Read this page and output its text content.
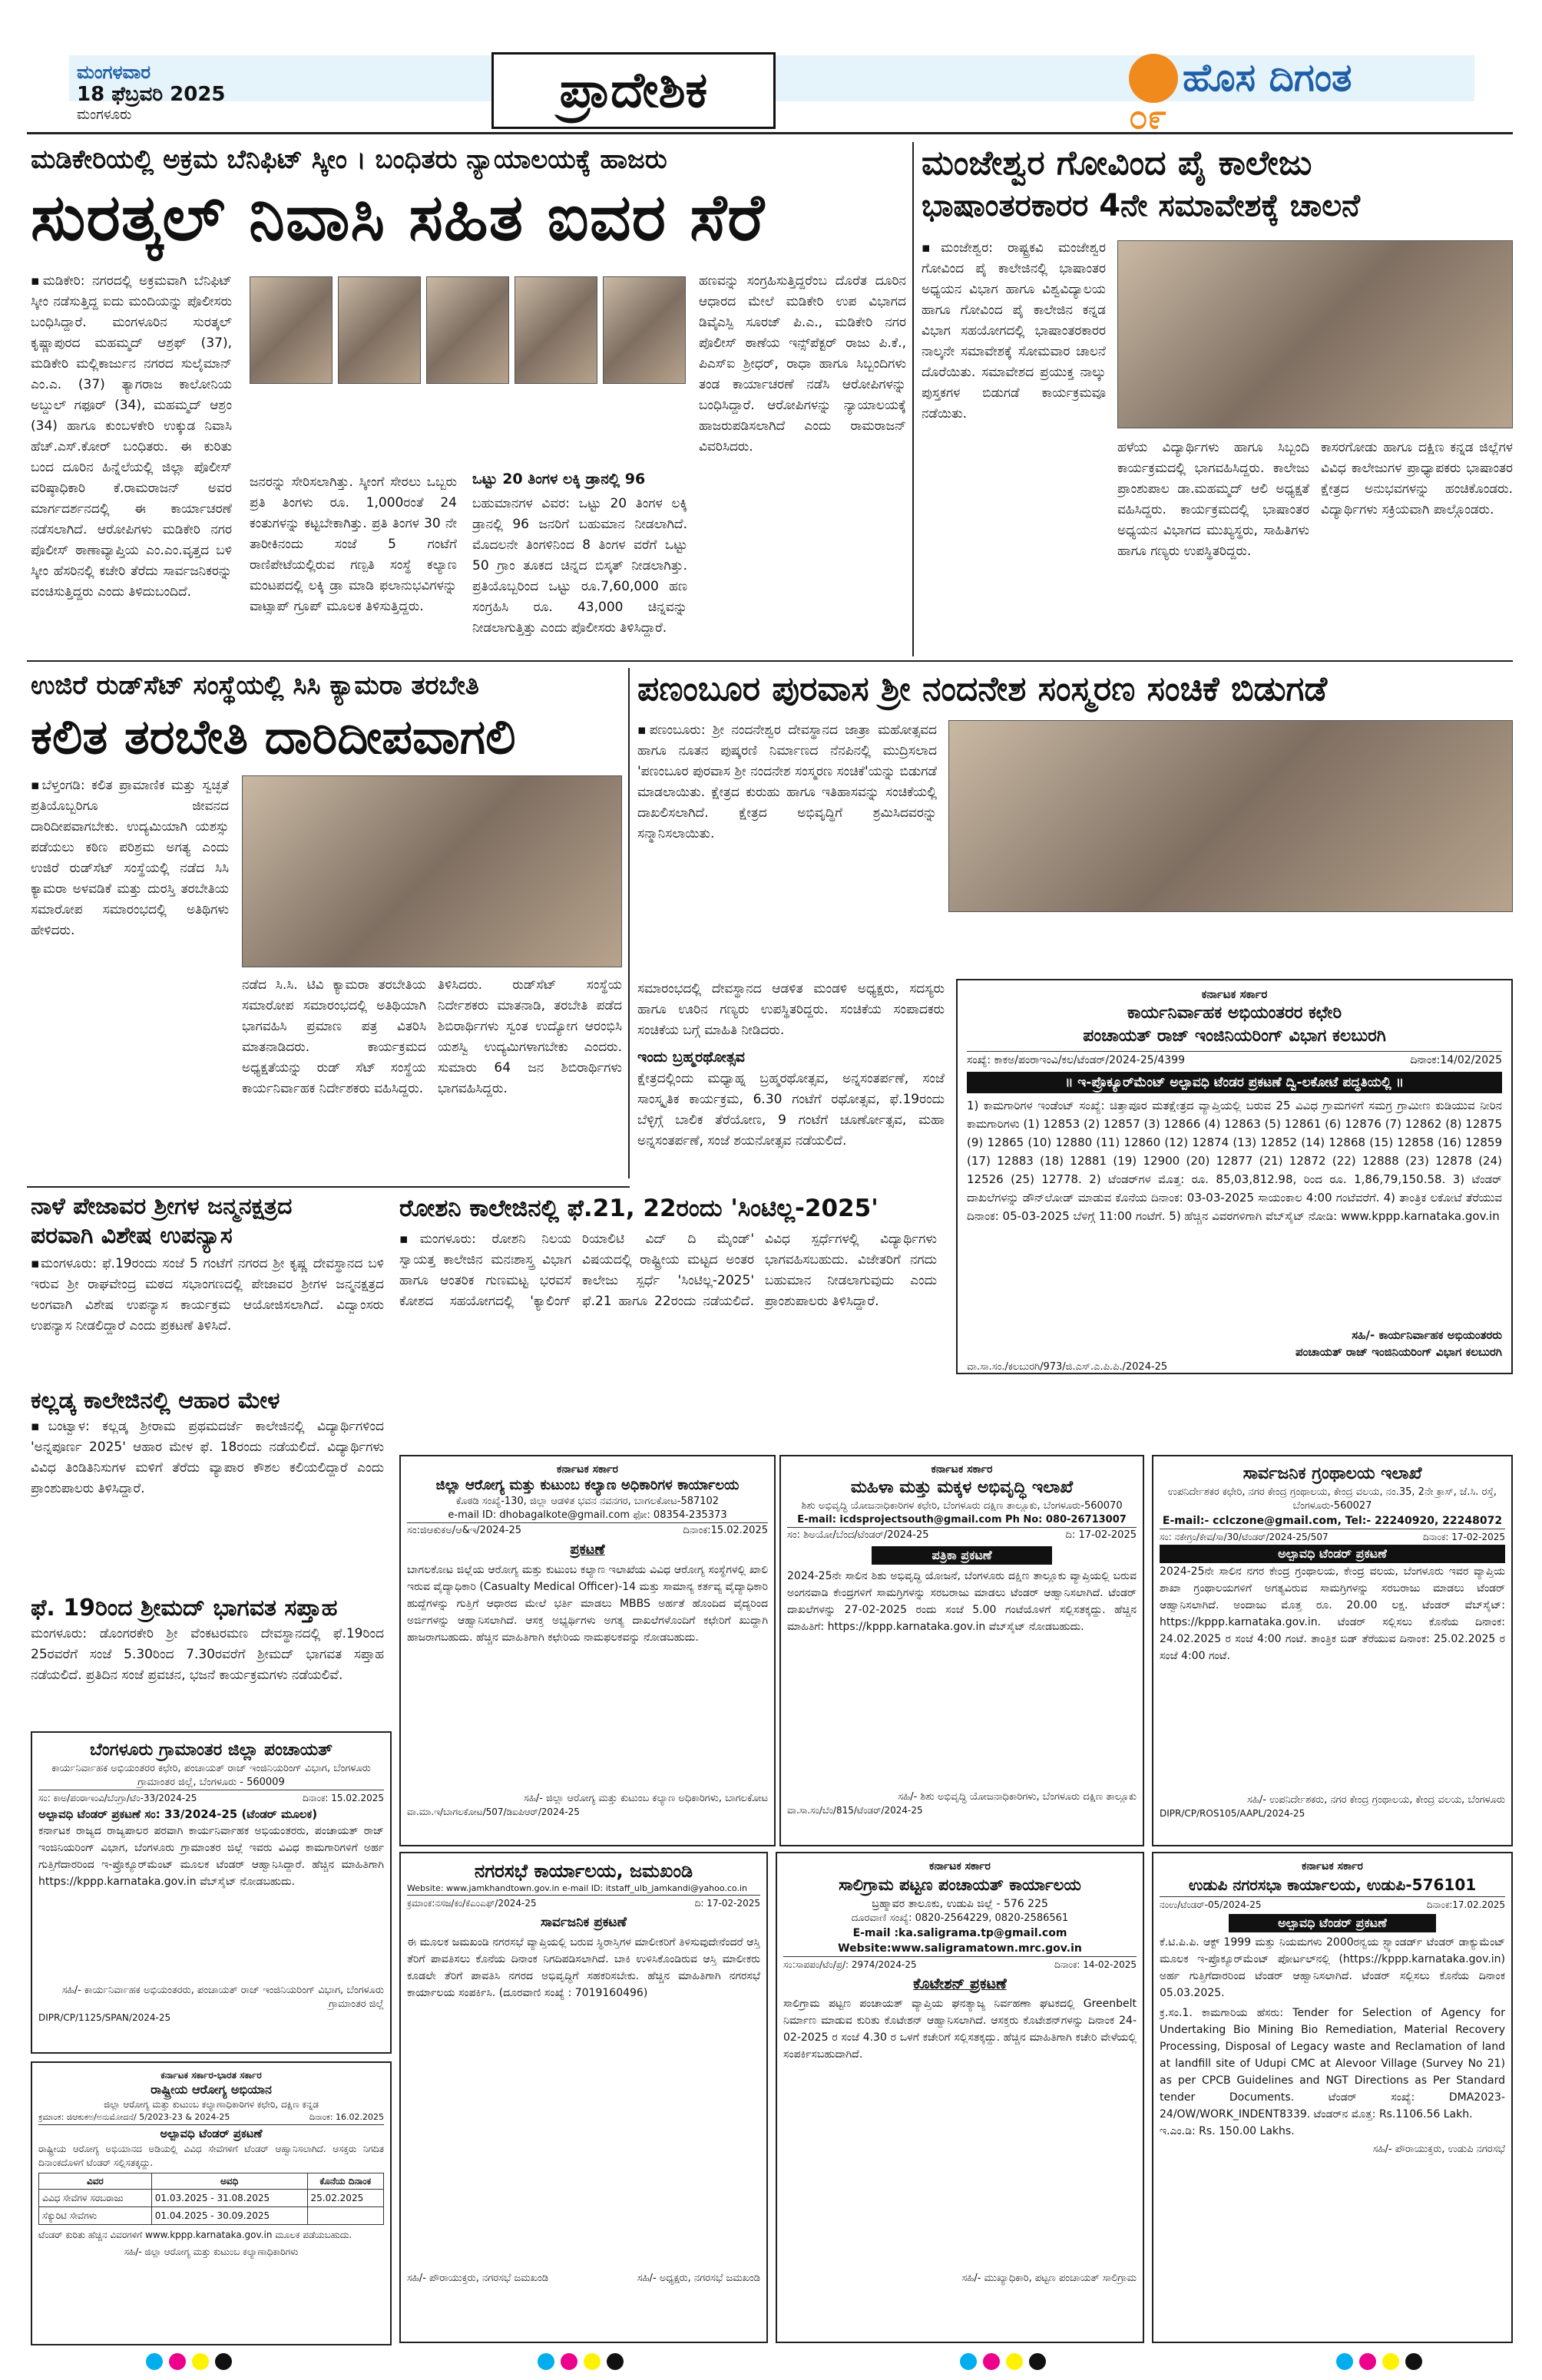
ಮಂಗಳವಾರ
18 ಫೆಬ್ರವರಿ 2025
ಮಂಗಳೂರು	ಪ್ರಾದೇಶಿಕ	ಹೊಸ ದಿಗಂತ
೦೯
ಮಡಿಕೇರಿಯಲ್ಲಿ ಅಕ್ರಮ ಬೆನಿಫಿಟ್ ಸ್ಕೀಂ । ಬಂಧಿತರು ನ್ಯಾಯಾಲಯಕ್ಕೆ ಹಾಜರು
ಸುರತ್ಕಲ್ ನಿವಾಸಿ ಸಹಿತ ಐವರ ಸೆರೆ
▪ಮಡಿಕೇರಿ: ನಗರದಲ್ಲಿ ಅಕ್ರಮವಾಗಿ ಬೆನಿಫಿಟ್ ಸ್ಕೀಂ ನಡೆಸುತ್ತಿದ್ದ ಐದು ಮಂದಿಯನ್ನು ಪೊಲೀಸರು ಬಂಧಿಸಿದ್ದಾರೆ. ಮಂಗಳೂರಿನ ಸುರತ್ಕಲ್ ಕೃಷ್ಣಾಪುರದ ಮಹಮ್ಮದ್ ಆಶ್ರಫ್ (37), ಮಡಿಕೇರಿ ಮಲ್ಲಿಕಾರ್ಜುನ ನಗರದ ಸುಲೈಮಾನ್ ಎಂ.ಎ. (37) ತ್ಯಾಗರಾಜ ಕಾಲೋನಿಯ ಅಬ್ದುಲ್ ಗಫೂರ್ (34), ಮಹಮ್ಮದ್ ಆಶ್ರಂ (34) ಹಾಗೂ ಕುಂಬಳಕೇರಿ ಉಕ್ಕುಡ ನಿವಾಸಿ ಹೆಚ್.ಎಸ್.ಕೋರ್ ಬಂಧಿತರು. ಈ ಕುರಿತು ಬಂದ ದೂರಿನ ಹಿನ್ನೆಲೆಯಲ್ಲಿ ಜಿಲ್ಲಾ ಪೊಲೀಸ್ ವರಿಷ್ಠಾಧಿಕಾರಿ ಕೆ.ರಾಮರಾಜನ್ ಅವರ ಮಾರ್ಗದರ್ಶನದಲ್ಲಿ ಈ ಕಾರ್ಯಾಚರಣೆ ನಡೆಸಲಾಗಿದೆ. ಆರೋಪಿಗಳು ಮಡಿಕೇರಿ ನಗರ ಪೊಲೀಸ್ ಠಾಣಾವ್ಯಾಪ್ತಿಯ ಎಂ.ಎಂ.ವೃತ್ತದ ಬಳಿ ಸ್ಕೀಂ ಹೆಸರಿನಲ್ಲಿ ಕಚೇರಿ ತೆರೆದು ಸಾರ್ವಜನಿಕರನ್ನು ವಂಚಿಸುತ್ತಿದ್ದರು ಎಂದು ತಿಳಿದುಬಂದಿದೆ.
ಜನರನ್ನು ಸೇರಿಸಲಾಗಿತ್ತು. ಸ್ಕೀಂಗೆ ಸೇರಲು ಒಬ್ಬರು ಪ್ರತಿ ತಿಂಗಳು ರೂ. 1,000ರಂತೆ 24 ಕಂತುಗಳನ್ನು ಕಟ್ಟಬೇಕಾಗಿತ್ತು. ಪ್ರತಿ ತಿಂಗಳ 30 ನೇ ತಾರೀಕಿನಂದು ಸಂಜೆ 5 ಗಂಟೆಗೆ ರಾಣಿಪೇಟೆಯಲ್ಲಿರುವ ಗಣ್ಪತಿ ಸಂಸ್ಥೆ ಕಲ್ಯಾಣ ಮಂಟಪದಲ್ಲಿ ಲಕ್ಕಿ ಡ್ರಾ ಮಾಡಿ ಫಲಾನುಭವಿಗಳನ್ನು ವಾಟ್ಸಾಪ್ ಗ್ರೂಪ್ ಮೂಲಕ ತಿಳಿಸುತ್ತಿದ್ದರು.
ಒಟ್ಟು 20 ತಿಂಗಳ ಲಕ್ಕಿ ಡ್ರಾನಲ್ಲಿ 96
ಬಹುಮಾನಗಳ ವಿವರ: ಒಟ್ಟು 20 ತಿಂಗಳ ಲಕ್ಕಿ ಡ್ರಾನಲ್ಲಿ 96 ಜನರಿಗೆ ಬಹುಮಾನ ನೀಡಲಾಗಿದೆ. ಮೊದಲನೇ ತಿಂಗಳಿನಿಂದ 8 ತಿಂಗಳ ವರೆಗೆ ಒಟ್ಟು 50 ಗ್ರಾಂ ತೂಕದ ಚಿನ್ನದ ಬಿಸ್ಕತ್ ನೀಡಲಾಗಿತ್ತು. ಪ್ರತಿಯೊಬ್ಬರಿಂದ ಒಟ್ಟು ರೂ.7,60,000 ಹಣ ಸಂಗ್ರಹಿಸಿ ರೂ. 43,000 ಚಿನ್ನವನ್ನು ನೀಡಲಾಗುತ್ತಿತ್ತು ಎಂದು ಪೊಲೀಸರು ತಿಳಿಸಿದ್ದಾರೆ.
ಹಣವನ್ನು ಸಂಗ್ರಹಿಸುತ್ತಿದ್ದರೆಂಬ ದೊರೆತ ದೂರಿನ ಆಧಾರದ ಮೇಲೆ ಮಡಿಕೇರಿ ಉಪ ವಿಭಾಗದ ಡಿವೈಎಸ್ಪಿ ಸೂರಜ್ ಪಿ.ಎ., ಮಡಿಕೇರಿ ನಗರ ಪೊಲೀಸ್ ಠಾಣೆಯ ಇನ್ಸ್‌ಪೆಕ್ಟರ್ ರಾಜು ಪಿ.ಕೆ., ಪಿಎಸ್‌ಐ ಶ್ರೀಧರ್, ರಾಧಾ ಹಾಗೂ ಸಿಬ್ಬಂದಿಗಳು ತಂಡ ಕಾರ್ಯಾಚರಣೆ ನಡೆಸಿ ಆರೋಪಿಗಳನ್ನು ಬಂಧಿಸಿದ್ದಾರೆ. ಆರೋಪಿಗಳನ್ನು ನ್ಯಾಯಾಲಯಕ್ಕೆ ಹಾಜರುಪಡಿಸಲಾಗಿದೆ ಎಂದು ರಾಮರಾಜನ್ ವಿವರಿಸಿದರು.
ಮಂಜೇಶ್ವರ ಗೋವಿಂದ ಪೈ ಕಾಲೇಜು
ಭಾಷಾಂತರಕಾರರ 4ನೇ ಸಮಾವೇಶಕ್ಕೆ ಚಾಲನೆ
▪ಮಂಜೇಶ್ವರ: ರಾಷ್ಟ್ರಕವಿ ಮಂಜೇಶ್ವರ ಗೋವಿಂದ ಪೈ ಕಾಲೇಜಿನಲ್ಲಿ ಭಾಷಾಂತರ ಅಧ್ಯಯನ ವಿಭಾಗ ಹಾಗೂ ವಿಶ್ವವಿದ್ಯಾಲಯ ಹಾಗೂ ಗೋವಿಂದ ಪೈ ಕಾಲೇಜಿನ ಕನ್ನಡ ವಿಭಾಗ ಸಹಯೋಗದಲ್ಲಿ ಭಾಷಾಂತರಕಾರರ ನಾಲ್ಕನೇ ಸಮಾವೇಶಕ್ಕೆ ಸೋಮವಾರ ಚಾಲನೆ ದೊರೆಯಿತು. ಸಮಾವೇಶದ ಪ್ರಯುಕ್ತ ನಾಲ್ಕು ಪುಸ್ತಕಗಳ ಬಿಡುಗಡೆ ಕಾರ್ಯಕ್ರಮವೂ ನಡೆಯಿತು.
ಹಳೆಯ ವಿದ್ಯಾರ್ಥಿಗಳು ಹಾಗೂ ಸಿಬ್ಬಂದಿ ಕಾರ್ಯಕ್ರಮದಲ್ಲಿ ಭಾಗವಹಿಸಿದ್ದರು. ಕಾಲೇಜು ಪ್ರಾಂಶುಪಾಲ ಡಾ.ಮಹಮ್ಮದ್ ಆಲಿ ಅಧ್ಯಕ್ಷತೆ ವಹಿಸಿದ್ದರು. ಕಾರ್ಯಕ್ರಮದಲ್ಲಿ ಭಾಷಾಂತರ ಅಧ್ಯಯನ ವಿಭಾಗದ ಮುಖ್ಯಸ್ಥರು, ಸಾಹಿತಿಗಳು ಹಾಗೂ ಗಣ್ಯರು ಉಪಸ್ಥಿತರಿದ್ದರು.
ಕಾಸರಗೋಡು ಹಾಗೂ ದಕ್ಷಿಣ ಕನ್ನಡ ಜಿಲ್ಲೆಗಳ ವಿವಿಧ ಕಾಲೇಜುಗಳ ಪ್ರಾಧ್ಯಾಪಕರು ಭಾಷಾಂತರ ಕ್ಷೇತ್ರದ ಅನುಭವಗಳನ್ನು ಹಂಚಿಕೊಂಡರು. ವಿದ್ಯಾರ್ಥಿಗಳು ಸಕ್ರಿಯವಾಗಿ ಪಾಲ್ಗೊಂಡರು.
ಉಜಿರೆ ರುಡ್‌ಸೆಟ್ ಸಂಸ್ಥೆಯಲ್ಲಿ ಸಿಸಿ ಕ್ಯಾಮರಾ ತರಬೇತಿ
ಕಲಿತ ತರಬೇತಿ ದಾರಿದೀಪವಾಗಲಿ
▪ಬೆಳ್ತಂಗಡಿ: ಕಲಿತ ಪ್ರಾಮಾಣಿಕ ಮತ್ತು ಸ್ವಚ್ಛತೆ ಪ್ರತಿಯೊಬ್ಬರಿಗೂ ಜೀವನದ ದಾರಿದೀಪವಾಗಬೇಕು. ಉದ್ಯಮಿಯಾಗಿ ಯಶಸ್ಸು ಪಡೆಯಲು ಕಠಿಣ ಪರಿಶ್ರಮ ಅಗತ್ಯ ಎಂದು ಉಜಿರೆ ರುಡ್‌ಸೆಟ್ ಸಂಸ್ಥೆಯಲ್ಲಿ ನಡೆದ ಸಿಸಿ ಕ್ಯಾಮರಾ ಅಳವಡಿಕೆ ಮತ್ತು ದುರಸ್ತಿ ತರಬೇತಿಯ ಸಮಾರೋಪ ಸಮಾರಂಭದಲ್ಲಿ ಅತಿಥಿಗಳು ಹೇಳಿದರು.
ನಡೆದ ಸಿ.ಸಿ. ಟಿವಿ ಕ್ಯಾಮರಾ ತರಬೇತಿಯ ಸಮಾರೋಪ ಸಮಾರಂಭದಲ್ಲಿ ಅತಿಥಿಯಾಗಿ ಭಾಗವಹಿಸಿ ಪ್ರಮಾಣ ಪತ್ರ ವಿತರಿಸಿ ಮಾತನಾಡಿದರು. ಕಾರ್ಯಕ್ರಮದ ಅಧ್ಯಕ್ಷತೆಯನ್ನು ರುಡ್ ಸೆಟ್ ಸಂಸ್ಥೆಯ ಕಾರ್ಯನಿರ್ವಾಹಕ ನಿರ್ದೇಶಕರು ವಹಿಸಿದ್ದರು.
ತಿಳಿಸಿದರು. ರುಡ್‌ಸೆಟ್ ಸಂಸ್ಥೆಯ ನಿರ್ದೇಶಕರು ಮಾತನಾಡಿ, ತರಬೇತಿ ಪಡೆದ ಶಿಬಿರಾರ್ಥಿಗಳು ಸ್ವಂತ ಉದ್ಯೋಗ ಆರಂಭಿಸಿ ಯಶಸ್ವಿ ಉದ್ಯಮಿಗಳಾಗಬೇಕು ಎಂದರು. ಸುಮಾರು 64 ಜನ ಶಿಬಿರಾರ್ಥಿಗಳು ಭಾಗವಹಿಸಿದ್ದರು.
ಪಣಂಬೂರ ಪುರವಾಸ ಶ್ರೀ ನಂದನೇಶ ಸಂಸ್ಮರಣ ಸಂಚಿಕೆ ಬಿಡುಗಡೆ
▪ಪಣಂಬೂರು: ಶ್ರೀ ನಂದನೇಶ್ವರ ದೇವಸ್ಥಾನದ ಜಾತ್ರಾ ಮಹೋತ್ಸವದ ಹಾಗೂ ನೂತನ ಪುಷ್ಕರಣಿ ನಿರ್ಮಾಣದ ನೆನಪಿನಲ್ಲಿ ಮುದ್ರಿಸಲಾದ 'ಪಣಂಬೂರ ಪುರವಾಸ ಶ್ರೀ ನಂದನೇಶ ಸಂಸ್ಮರಣ ಸಂಚಿಕೆ'ಯನ್ನು ಬಿಡುಗಡೆ ಮಾಡಲಾಯಿತು. ಕ್ಷೇತ್ರದ ಕುರುಹು ಹಾಗೂ ಇತಿಹಾಸವನ್ನು ಸಂಚಿಕೆಯಲ್ಲಿ ದಾಖಲಿಸಲಾಗಿದೆ. ಕ್ಷೇತ್ರದ ಅಭಿವೃದ್ಧಿಗೆ ಶ್ರಮಿಸಿದವರನ್ನು ಸನ್ಮಾನಿಸಲಾಯಿತು.
ಸಮಾರಂಭದಲ್ಲಿ ದೇವಸ್ಥಾನದ ಆಡಳಿತ ಮಂಡಳಿ ಅಧ್ಯಕ್ಷರು, ಸದಸ್ಯರು ಹಾಗೂ ಊರಿನ ಗಣ್ಯರು ಉಪಸ್ಥಿತರಿದ್ದರು. ಸಂಚಿಕೆಯ ಸಂಪಾದಕರು ಸಂಚಿಕೆಯ ಬಗ್ಗೆ ಮಾಹಿತಿ ನೀಡಿದರು.
ಇಂದು ಬ್ರಹ್ಮರಥೋತ್ಸವ
ಕ್ಷೇತ್ರದಲ್ಲಿಂದು ಮಧ್ಯಾಹ್ನ ಬ್ರಹ್ಮರಥೋತ್ಸವ, ಅನ್ನಸಂತರ್ಪಣೆ, ಸಂಜೆ ಸಾಂಸ್ಕೃತಿಕ ಕಾರ್ಯಕ್ರಮ, 6.30 ಗಂಟೆಗೆ ರಥೋತ್ಸವ, ಫೆ.19ರಂದು ಬೆಳ್ಳಿಗ್ಗೆ ಬಾಲಿಕ ತೆರೆಯೋಣ, 9 ಗಂಟೆಗೆ ಚೂರ್ಣೋತ್ಸವ, ಮಹಾ ಅನ್ನಸಂತರ್ಪಣೆ, ಸಂಜೆ ಶಯನೋತ್ಸವ ನಡೆಯಲಿದೆ.
ಕರ್ನಾಟಕ ಸರ್ಕಾರ
ಕಾರ್ಯನಿರ್ವಾಹಕ ಅಭಿಯಂತರರ ಕಛೇರಿ
ಪಂಚಾಯತ್ ರಾಜ್ ಇಂಜಿನಿಯರಿಂಗ್ ವಿಭಾಗ ಕಲಬುರಗಿ
ಸಂಖ್ಯೆ: ಕಾಕಅ/ಪಂರಾಇಂವಿ/ಕಲ/ಟೆಂಡರ್/2024-25/4399	ದಿನಾಂಕ:14/02/2025
॥ ಇ-ಪ್ರೊಕ್ಯೂರ್‌ಮೆಂಟ್ ಅಲ್ಪಾವಧಿ ಟೆಂಡರ ಪ್ರಕಟಣೆ ದ್ವಿ-ಲಕೋಟೆ ಪದ್ಧತಿಯಲ್ಲಿ ॥
1) ಕಾಮಗಾರಿಗಳ ಇಂಡೆಂಟ್ ಸಂಖ್ಯೆ: ಚಿತ್ತಾಪೂರ ಮತಕ್ಷೇತ್ರದ ವ್ಯಾಪ್ತಿಯಲ್ಲಿ ಬರುವ 25 ವಿವಿಧ ಗ್ರಾಮಗಳಿಗೆ ಸಮಗ್ರ ಗ್ರಾಮೀಣ ಕುಡಿಯುವ ನೀರಿನ ಕಾಮಗಾರಿಗಳು (1) 12853 (2) 12857 (3) 12866 (4) 12863 (5) 12861 (6) 12876 (7) 12862 (8) 12875 (9) 12865 (10) 12880 (11) 12860 (12) 12874 (13) 12852 (14) 12868 (15) 12858 (16) 12859 (17) 12883 (18) 12881 (19) 12900 (20) 12877 (21) 12872 (22) 12888 (23) 12878 (24) 12526 (25) 12778. 2) ಟೆಂಡರ್‌ಗಳ ಮೊತ್ತ: ರೂ. 85,03,812.98, ರಿಂದ ರೂ. 1,86,79,150.58. 3) ಟೆಂಡರ್ ದಾಖಲೆಗಳನ್ನು ಡೌನ್‌ಲೋಡ್ ಮಾಡುವ ಕೊನೆಯ ದಿನಾಂಕ: 03-03-2025 ಸಾಯಂಕಾಲ 4:00 ಗಂಟೆವರೆಗೆ. 4) ತಾಂತ್ರಿಕ ಲಕೋಟೆ ತೆರೆಯುವ ದಿನಾಂಕ: 05-03-2025 ಬೆಳಿಗ್ಗೆ 11:00 ಗಂಟೆಗೆ. 5) ಹೆಚ್ಚಿನ ವಿವರಗಳಿಗಾಗಿ ವೆಬ್‌ಸೈಟ್ ನೋಡಿ: www.kppp.karnataka.gov.in
ಸಹಿ/- ಕಾರ್ಯನಿರ್ವಾಹಕ ಅಭಿಯಂತರರು
ಪಂಚಾಯತ್ ರಾಜ್ ಇಂಜಿನಿಯರಿಂಗ್ ವಿಭಾಗ ಕಲಬುರಗಿ
ವಾ.ಸಾ.ಸಂ./ಕಲಬುರಗಿ/973/ಜಿ.ಎಸ್.ಎ.ಪಿ.ಪಿ./2024-25
ನಾಳೆ ಪೇಜಾವರ ಶ್ರೀಗಳ ಜನ್ಮನಕ್ಷತ್ರದ
ಪರವಾಗಿ ವಿಶೇಷ ಉಪನ್ಯಾಸ
▪ಮಂಗಳೂರು: ಫೆ.19ರಂದು ಸಂಜೆ 5 ಗಂಟೆಗೆ ನಗರದ ಶ್ರೀ ಕೃಷ್ಣ ದೇವಸ್ಥಾನದ ಬಳಿ ಇರುವ ಶ್ರೀ ರಾಘವೇಂದ್ರ ಮಠದ ಸಭಾಂಗಣದಲ್ಲಿ ಪೇಜಾವರ ಶ್ರೀಗಳ ಜನ್ಮನಕ್ಷತ್ರದ ಅಂಗವಾಗಿ ವಿಶೇಷ ಉಪನ್ಯಾಸ ಕಾರ್ಯಕ್ರಮ ಆಯೋಜಿಸಲಾಗಿದೆ. ವಿದ್ವಾಂಸರು ಉಪನ್ಯಾಸ ನೀಡಲಿದ್ದಾರೆ ಎಂದು ಪ್ರಕಟಣೆ ತಿಳಿಸಿದೆ.
ಕಲ್ಲಡ್ಕ ಕಾಲೇಜಿನಲ್ಲಿ ಆಹಾರ ಮೇಳ
▪ಬಂಟ್ವಾಳ: ಕಲ್ಲಡ್ಕ ಶ್ರೀರಾಮ ಪ್ರಥಮದರ್ಜೆ ಕಾಲೇಜಿನಲ್ಲಿ ವಿದ್ಯಾರ್ಥಿಗಳಿಂದ 'ಅನ್ನಪೂರ್ಣ 2025' ಆಹಾರ ಮೇಳ ಫೆ. 18ರಂದು ನಡೆಯಲಿದೆ. ವಿದ್ಯಾರ್ಥಿಗಳು ವಿವಿಧ ತಿಂಡಿತಿನಿಸುಗಳ ಮಳಿಗೆ ತೆರೆದು ವ್ಯಾಪಾರ ಕೌಶಲ ಕಲಿಯಲಿದ್ದಾರೆ ಎಂದು ಪ್ರಾಂಶುಪಾಲರು ತಿಳಿಸಿದ್ದಾರೆ.
ಫೆ. 19ರಿಂದ ಶ್ರೀಮದ್ ಭಾಗವತ ಸಪ್ತಾಹ
ಮಂಗಳೂರು: ಡೊಂಗರಕೇರಿ ಶ್ರೀ ವೆಂಕಟರಮಣ ದೇವಸ್ಥಾನದಲ್ಲಿ ಫೆ.19ರಿಂದ 25ರವರೆಗೆ ಸಂಜೆ 5.30ರಿಂದ 7.30ರವರೆಗೆ ಶ್ರೀಮದ್ ಭಾಗವತ ಸಪ್ತಾಹ ನಡೆಯಲಿದೆ. ಪ್ರತಿದಿನ ಸಂಜೆ ಪ್ರವಚನ, ಭಜನೆ ಕಾರ್ಯಕ್ರಮಗಳು ನಡೆಯಲಿವೆ.
ರೋಶನಿ ಕಾಲೇಜಿನಲ್ಲಿ ಫೆ.21, 22ರಂದು 'ಸಿಂಟಿಲ್ಲ-2025'
▪ಮಂಗಳೂರು: ರೋಶನಿ ನಿಲಯ ಸ್ವಾಯತ್ತ ಕಾಲೇಜಿನ ಮನಃಶಾಸ್ತ್ರ ವಿಭಾಗ ಹಾಗೂ ಆಂತರಿಕ ಗುಣಮಟ್ಟ ಭರವಸೆ ಕೋಶದ ಸಹಯೋಗದಲ್ಲಿ 'ಕ್ಯಾಲಿಂಗ್ ರಿಯಾಲಿಟಿ ವಿದ್ ದಿ ಮೈಂಡ್' ವಿಷಯದಲ್ಲಿ ರಾಷ್ಟ್ರೀಯ ಮಟ್ಟದ ಅಂತರ ಕಾಲೇಜು ಸ್ಪರ್ಧೆ 'ಸಿಂಟಿಲ್ಲ-2025' ಫೆ.21 ಹಾಗೂ 22ರಂದು ನಡೆಯಲಿದೆ. ವಿವಿಧ ಸ್ಪರ್ಧೆಗಳಲ್ಲಿ ವಿದ್ಯಾರ್ಥಿಗಳು ಭಾಗವಹಿಸಬಹುದು. ವಿಜೇತರಿಗೆ ನಗದು ಬಹುಮಾನ ನೀಡಲಾಗುವುದು ಎಂದು ಪ್ರಾಂಶುಪಾಲರು ತಿಳಿಸಿದ್ದಾರೆ.
ಕರ್ನಾಟಕ ಸರ್ಕಾರ
ಜಿಲ್ಲಾ ಆರೋಗ್ಯ ಮತ್ತು ಕುಟುಂಬ ಕಲ್ಯಾಣ ಅಧಿಕಾರಿಗಳ ಕಾರ್ಯಾಲಯ
ಕೊಠಡಿ ಸಂಖ್ಯೆ-130, ಜಿಲ್ಲಾ ಆಡಳಿತ ಭವನ ನವನಗರ, ಬಾಗಲಕೋಟ-587102
e-mail ID: dhobagalkote@gmail.com ಫೋ: 08354-235373
ಸಂ:ಜಿಆಕುಕಅ/ಆ&ಇ/2024-25	ದಿನಾಂಕ:15.02.2025
ಪ್ರಕಟಣೆ
ಬಾಗಲಕೋಟ ಜಿಲ್ಲೆಯ ಆರೋಗ್ಯ ಮತ್ತು ಕುಟುಂಬ ಕಲ್ಯಾಣ ಇಲಾಖೆಯ ವಿವಿಧ ಆರೋಗ್ಯ ಸಂಸ್ಥೆಗಳಲ್ಲಿ ಖಾಲಿ ಇರುವ ವೈದ್ಯಾಧಿಕಾರಿ (Casualty Medical Officer)-14 ಮತ್ತು ಸಾಮಾನ್ಯ ಕರ್ತವ್ಯ ವೈದ್ಯಾಧಿಕಾರಿ ಹುದ್ದೆಗಳನ್ನು ಗುತ್ತಿಗೆ ಆಧಾರದ ಮೇಲೆ ಭರ್ತಿ ಮಾಡಲು MBBS ಅರ್ಹತೆ ಹೊಂದಿದ ವೈದ್ಯರಿಂದ ಅರ್ಜಿಗಳನ್ನು ಆಹ್ವಾನಿಸಲಾಗಿದೆ. ಆಸಕ್ತ ಅಭ್ಯರ್ಥಿಗಳು ಅಗತ್ಯ ದಾಖಲೆಗಳೊಂದಿಗೆ ಕಛೇರಿಗೆ ಖುದ್ದಾಗಿ ಹಾಜರಾಗಬಹುದು. ಹೆಚ್ಚಿನ ಮಾಹಿತಿಗಾಗಿ ಕಛೇರಿಯ ನಾಮಫಲಕವನ್ನು ನೋಡಬಹುದು.
ಸಹಿ/- ಜಿಲ್ಲಾ ಆರೋಗ್ಯ ಮತ್ತು ಕುಟುಂಬ ಕಲ್ಯಾಣ ಅಧಿಕಾರಿಗಳು, ಬಾಗಲಕೋಟ
ವಾ.ಮಾ.ಇ/ಬಾಗಲಕೋಟ/507/ಡಿಐಪಿಆರ್/2024-25
ಕರ್ನಾಟಕ ಸರ್ಕಾರ
ಮಹಿಳಾ ಮತ್ತು ಮಕ್ಕಳ ಅಭಿವೃದ್ಧಿ ಇಲಾಖೆ
ಶಿಶು ಅಭಿವೃದ್ಧಿ ಯೋಜನಾಧಿಕಾರಿಗಳ ಕಛೇರಿ, ಬೆಂಗಳೂರು ದಕ್ಷಿಣ ತಾಲ್ಲೂಕು, ಬೆಂಗಳೂರು-560070
E-mail: icdsprojectsouth@gmail.com Ph No: 080-26713007
ಸಂ: ಶಿಅಯೋ/ಬೆಂದ/ಟೆಂಡರ್/2024-25	ದಿ: 17-02-2025
ಪತ್ರಿಕಾ ಪ್ರಕಟಣೆ
2024-25ನೇ ಸಾಲಿನ ಶಿಶು ಅಭಿವೃದ್ಧಿ ಯೋಜನೆ, ಬೆಂಗಳೂರು ದಕ್ಷಿಣ ತಾಲ್ಲೂಕು ವ್ಯಾಪ್ತಿಯಲ್ಲಿ ಬರುವ ಅಂಗನವಾಡಿ ಕೇಂದ್ರಗಳಿಗೆ ಸಾಮಗ್ರಿಗಳನ್ನು ಸರಬರಾಜು ಮಾಡಲು ಟೆಂಡರ್ ಆಹ್ವಾನಿಸಲಾಗಿದೆ. ಟೆಂಡರ್ ದಾಖಲೆಗಳನ್ನು 27-02-2025 ರಂದು ಸಂಜೆ 5.00 ಗಂಟೆಯೊಳಗೆ ಸಲ್ಲಿಸತಕ್ಕದ್ದು. ಹೆಚ್ಚಿನ ಮಾಹಿತಿಗೆ: https://kppp.karnataka.gov.in ವೆಬ್‌ಸೈಟ್ ನೋಡಬಹುದು.
ಸಹಿ/- ಶಿಶು ಅಭಿವೃದ್ಧಿ ಯೋಜನಾಧಿಕಾರಿಗಳು, ಬೆಂಗಳೂರು ದಕ್ಷಿಣ ತಾಲ್ಲೂಕು
ವಾ.ಸಾ.ಸಂ/ಬೆಂ/815/ಟೆಂಡರ್/2024-25
ಸಾರ್ವಜನಿಕ ಗ್ರಂಥಾಲಯ ಇಲಾಖೆ
ಉಪನಿರ್ದೇಶಕರ ಕಛೇರಿ, ನಗರ ಕೇಂದ್ರ ಗ್ರಂಥಾಲಯ, ಕೇಂದ್ರ ವಲಯ, ನಂ.35, 2ನೇ ಕ್ರಾಸ್, ಜೆ.ಸಿ. ರಸ್ತೆ, ಬೆಂಗಳೂರು-560027
E-mail:- cclczone@gmail.com, Tel:- 22240920, 22248072
ಸಂ: ನಕೇಗ್ರಂ/ಕೇವ/ಸಾ/30/ಟೆಂಡರ್/2024-25/507	ದಿನಾಂಕ: 17-02-2025
ಅಲ್ಪಾವಧಿ ಟೆಂಡರ್ ಪ್ರಕಟಣೆ
2024-25ನೇ ಸಾಲಿನ ನಗರ ಕೇಂದ್ರ ಗ್ರಂಥಾಲಯ, ಕೇಂದ್ರ ವಲಯ, ಬೆಂಗಳೂರು ಇವರ ವ್ಯಾಪ್ತಿಯ ಶಾಖಾ ಗ್ರಂಥಾಲಯಗಳಿಗೆ ಅಗತ್ಯವಿರುವ ಸಾಮಗ್ರಿಗಳನ್ನು ಸರಬರಾಜು ಮಾಡಲು ಟೆಂಡರ್ ಆಹ್ವಾನಿಸಲಾಗಿದೆ. ಅಂದಾಜು ಮೊತ್ತ ರೂ. 20.00 ಲಕ್ಷ. ಟೆಂಡರ್ ವೆಬ್‌ಸೈಟ್: https://kppp.karnataka.gov.in. ಟೆಂಡರ್ ಸಲ್ಲಿಸಲು ಕೊನೆಯ ದಿನಾಂಕ: 24.02.2025 ರ ಸಂಜೆ 4:00 ಗಂಟೆ. ತಾಂತ್ರಿಕ ಬಿಡ್ ತೆರೆಯುವ ದಿನಾಂಕ: 25.02.2025 ರ ಸಂಜೆ 4:00 ಗಂಟೆ.
ಸಹಿ/- ಉಪನಿರ್ದೇಶಕರು, ನಗರ ಕೇಂದ್ರ ಗ್ರಂಥಾಲಯ, ಕೇಂದ್ರ ವಲಯ, ಬೆಂಗಳೂರು
DIPR/CP/ROS105/AAPL/2024-25
ಬೆಂಗಳೂರು ಗ್ರಾಮಾಂತರ ಜಿಲ್ಲಾ ಪಂಚಾಯತ್
ಕಾರ್ಯನಿರ್ವಾಹಕ ಅಭಿಯಂತರರ ಕಛೇರಿ, ಪಂಚಾಯತ್ ರಾಜ್ ಇಂಜಿನಿಯರಿಂಗ್ ವಿಭಾಗ, ಬೆಂಗಳೂರು ಗ್ರಾಮಾಂತರ ಜಿಲ್ಲೆ, ಬೆಂಗಳೂರು - 560009
ಸಂ: ಕಾಅ/ಪಂರಾಇಂವಿ/ಬೆಂಗ್ರಾ/ಟೆಂ-33/2024-25	ದಿನಾಂಕ: 15.02.2025
ಅಲ್ಪಾವಧಿ ಟೆಂಡರ್ ಪ್ರಕಟಣೆ ಸಂ: 33/2024-25 (ಟೆಂಡರ್ ಮೂಲಕ)
ಕರ್ನಾಟಕ ರಾಜ್ಯದ ರಾಜ್ಯಪಾಲರ ಪರವಾಗಿ ಕಾರ್ಯನಿರ್ವಾಹಕ ಅಭಿಯಂತರರು, ಪಂಚಾಯತ್ ರಾಜ್ ಇಂಜಿನಿಯರಿಂಗ್ ವಿಭಾಗ, ಬೆಂಗಳೂರು ಗ್ರಾಮಾಂತರ ಜಿಲ್ಲೆ ಇವರು ವಿವಿಧ ಕಾಮಗಾರಿಗಳಿಗೆ ಅರ್ಹ ಗುತ್ತಿಗೆದಾರರಿಂದ ಇ-ಪ್ರೊಕ್ಯೂರ್‌ಮೆಂಟ್ ಮೂಲಕ ಟೆಂಡರ್ ಆಹ್ವಾನಿಸಿದ್ದಾರೆ. ಹೆಚ್ಚಿನ ಮಾಹಿತಿಗಾಗಿ https://kppp.karnataka.gov.in ವೆಬ್‌ಸೈಟ್ ನೋಡಬಹುದು.
ಸಹಿ/- ಕಾರ್ಯನಿರ್ವಾಹಕ ಅಭಿಯಂತರರು, ಪಂಚಾಯತ್ ರಾಜ್ ಇಂಜಿನಿಯರಿಂಗ್ ವಿಭಾಗ, ಬೆಂಗಳೂರು ಗ್ರಾಮಾಂತರ ಜಿಲ್ಲೆ
DIPR/CP/1125/SPAN/2024-25
ನಗರಸಭೆ ಕಾರ್ಯಾಲಯ, ಜಮಖಂಡಿ
Website: www.jamkhandtown.gov.in e-mail ID: itstaff_ulb_jamkandi@yahoo.co.in
ಕ್ರಮಾಂಕ:ನಸಜ/ಕಂ/ಕೆಎಂಎಫ್/2024-25	ದಿ: 17-02-2025
ಸಾರ್ವಜನಿಕ ಪ್ರಕಟಣೆ
ಈ ಮೂಲಕ ಜಮಖಂಡಿ ನಗರಸಭೆ ವ್ಯಾಪ್ತಿಯಲ್ಲಿ ಬರುವ ಸ್ಥಿರಾಸ್ತಿಗಳ ಮಾಲೀಕರಿಗೆ ತಿಳಿಸುವುದೇನೆಂದರೆ ಆಸ್ತಿ ತೆರಿಗೆ ಪಾವತಿಸಲು ಕೊನೆಯ ದಿನಾಂಕ ನಿಗದಿಪಡಿಸಲಾಗಿದೆ. ಬಾಕಿ ಉಳಿಸಿಕೊಂಡಿರುವ ಆಸ್ತಿ ಮಾಲೀಕರು ಕೂಡಲೇ ತೆರಿಗೆ ಪಾವತಿಸಿ ನಗರದ ಅಭಿವೃದ್ಧಿಗೆ ಸಹಕರಿಸಬೇಕು. ಹೆಚ್ಚಿನ ಮಾಹಿತಿಗಾಗಿ ನಗರಸಭೆ ಕಾರ್ಯಾಲಯ ಸಂಪರ್ಕಿಸಿ. (ದೂರವಾಣಿ ಸಂಖ್ಯೆ : 7019160496)
ಸಹಿ/- ಪೌರಾಯುಕ್ತರು, ನಗರಸಭೆ ಜಮಖಂಡಿ	ಸಹಿ/- ಅಧ್ಯಕ್ಷರು, ನಗರಸಭೆ ಜಮಖಂಡಿ
ಕರ್ನಾಟಕ ಸರ್ಕಾರ
ಸಾಲಿಗ್ರಾಮ ಪಟ್ಟಣ ಪಂಚಾಯತ್ ಕಾರ್ಯಾಲಯ
ಬ್ರಹ್ಮಾವರ ತಾಲೂಕು, ಉಡುಪಿ ಜಿಲ್ಲೆ - 576 225
ದೂರವಾಣಿ ಸಂಖ್ಯೆ: 0820-2564229, 0820-2586561
E-mail :ka.saligrama.tp@gmail.com
Website:www.saligramatown.mrc.gov.in
ಸಂ:ಸಾಪಪಂ/ಟೆಂ/ಪ್ರ/: 2974/2024-25	ದಿನಾಂಕ: 14-02-2025
ಕೊಟೇಶನ್ ಪ್ರಕಟಣೆ
ಸಾಲಿಗ್ರಾಮ ಪಟ್ಟಣ ಪಂಚಾಯತ್ ವ್ಯಾಪ್ತಿಯ ಘನತ್ಯಾಜ್ಯ ನಿರ್ವಹಣಾ ಘಟಕದಲ್ಲಿ Greenbelt ನಿರ್ಮಾಣ ಮಾಡುವ ಕುರಿತು ಕೊಟೇಶನ್ ಆಹ್ವಾನಿಸಲಾಗಿದೆ. ಆಸಕ್ತರು ಕೊಟೇಶನ್‌ಗಳನ್ನು ದಿನಾಂಕ 24-02-2025 ರ ಸಂಜೆ 4.30 ರ ಒಳಗೆ ಕಚೇರಿಗೆ ಸಲ್ಲಿಸತಕ್ಕದ್ದು. ಹೆಚ್ಚಿನ ಮಾಹಿತಿಗಾಗಿ ಕಚೇರಿ ವೇಳೆಯಲ್ಲಿ ಸಂಪರ್ಕಿಸಬಹುದಾಗಿದೆ.
ಸಹಿ/- ಮುಖ್ಯಾಧಿಕಾರಿ, ಪಟ್ಟಣ ಪಂಚಾಯತ್ ಸಾಲಿಗ್ರಾಮ
ಕರ್ನಾಟಕ ಸರ್ಕಾರ
ಉಡುಪಿ ನಗರಸಭಾ ಕಾರ್ಯಾಲಯ, ಉಡುಪಿ-576101
ನಂಉ/ಟೆಂಡರ್-05/2024-25	ದಿನಾಂಕ:17.02.2025
ಅಲ್ಪಾವಧಿ ಟೆಂಡರ್ ಪ್ರಕಟಣೆ
ಕೆ.ಟಿ.ಪಿ.ಪಿ. ಆಕ್ಟ್ 1999 ಮತ್ತು ನಿಯಮಗಳು 2000ರನ್ವಯ ಸ್ಟ್ಯಾಂಡರ್ಡ್ ಟೆಂಡರ್ ಡಾಕ್ಯುಮೆಂಟ್ ಮೂಲಕ ಇ-ಪ್ರೊಕ್ಯೂರ್‌ಮೆಂಟ್ ಪೋರ್ಟಲ್‌ನಲ್ಲಿ (https://kppp.karnataka.gov.in) ಅರ್ಹ ಗುತ್ತಿಗೆದಾರರಿಂದ ಟೆಂಡರ್ ಆಹ್ವಾನಿಸಲಾಗಿದೆ. ಟೆಂಡರ್ ಸಲ್ಲಿಸಲು ಕೊನೆಯ ದಿನಾಂಕ 05.03.2025.
ಕ್ರ.ಸಂ.1. ಕಾಮಗಾರಿಯ ಹೆಸರು: Tender for Selection of Agency for Undertaking Bio Mining Bio Remediation, Material Recovery Processing, Disposal of Legacy waste and Reclamation of land at landfill site of Udupi CMC at Alevoor Village (Survey No 21) as per CPCB Guidelines and NGT Directions as Per Standard tender Documents. ಟೆಂಡರ್ ಸಂಖ್ಯೆ: DMA2023-24/OW/WORK_INDENT8339. ಟೆಂಡರ್‌ನ ಮೊತ್ತ: Rs.1106.56 Lakh.
ಇ.ಎಂ.ಡಿ: Rs. 150.00 Lakhs.
ಸಹಿ/- ಪೌರಾಯುಕ್ತರು, ಉಡುಪಿ ನಗರಸಭೆ
ಕರ್ನಾಟಕ ಸರ್ಕಾರ-ಭಾರತ ಸರ್ಕಾರ
ರಾಷ್ಟ್ರೀಯ ಆರೋಗ್ಯ ಅಭಿಯಾನ
ಜಿಲ್ಲಾ ಆರೋಗ್ಯ ಮತ್ತು ಕುಟುಂಬ ಕಲ್ಯಾಣಾಧಿಕಾರಿಗಳ ಕಛೇರಿ, ದಕ್ಷಿಣ ಕನ್ನಡ
ಕ್ರಮಾಂಕ: ಜಿಆಕುಕಅ/ಅನುಮೋದನೆ/ 5/2023-23 & 2024-25	ದಿನಾಂಕ: 16.02.2025
ಅಲ್ಪಾವಧಿ ಟೆಂಡರ್ ಪ್ರಕಟಣೆ
ರಾಷ್ಟ್ರೀಯ ಆರೋಗ್ಯ ಅಭಿಯಾನದ ಅಡಿಯಲ್ಲಿ ವಿವಿಧ ಸೇವೆಗಳಿಗೆ ಟೆಂಡರ್ ಆಹ್ವಾನಿಸಲಾಗಿದೆ. ಆಸಕ್ತರು ನಿಗದಿತ ದಿನಾಂಕದೊಳಗೆ ಟೆಂಡರ್ ಸಲ್ಲಿಸತಕ್ಕದ್ದು.
ವಿವರ	ಅವಧಿ	ಕೊನೆಯ ದಿನಾಂಕ
ವಿವಿಧ ಸೇವೆಗಳ ಸರಬರಾಜು	01.03.2025 - 31.08.2025	25.02.2025
ಸೆಕ್ಯುರಿಟಿ ಸೇವೆಗಳು	01.04.2025 - 30.09.2025	
ಟೆಂಡರ್ ಕುರಿತು ಹೆಚ್ಚಿನ ವಿವರಗಳಿಗೆ www.kppp.karnataka.gov.in ಮೂಲಕ ಪಡೆಯಬಹುದು.
ಸಹಿ/- ಜಿಲ್ಲಾ ಆರೋಗ್ಯ ಮತ್ತು ಕುಟುಂಬ ಕಲ್ಯಾಣಾಧಿಕಾರಿಗಳು
